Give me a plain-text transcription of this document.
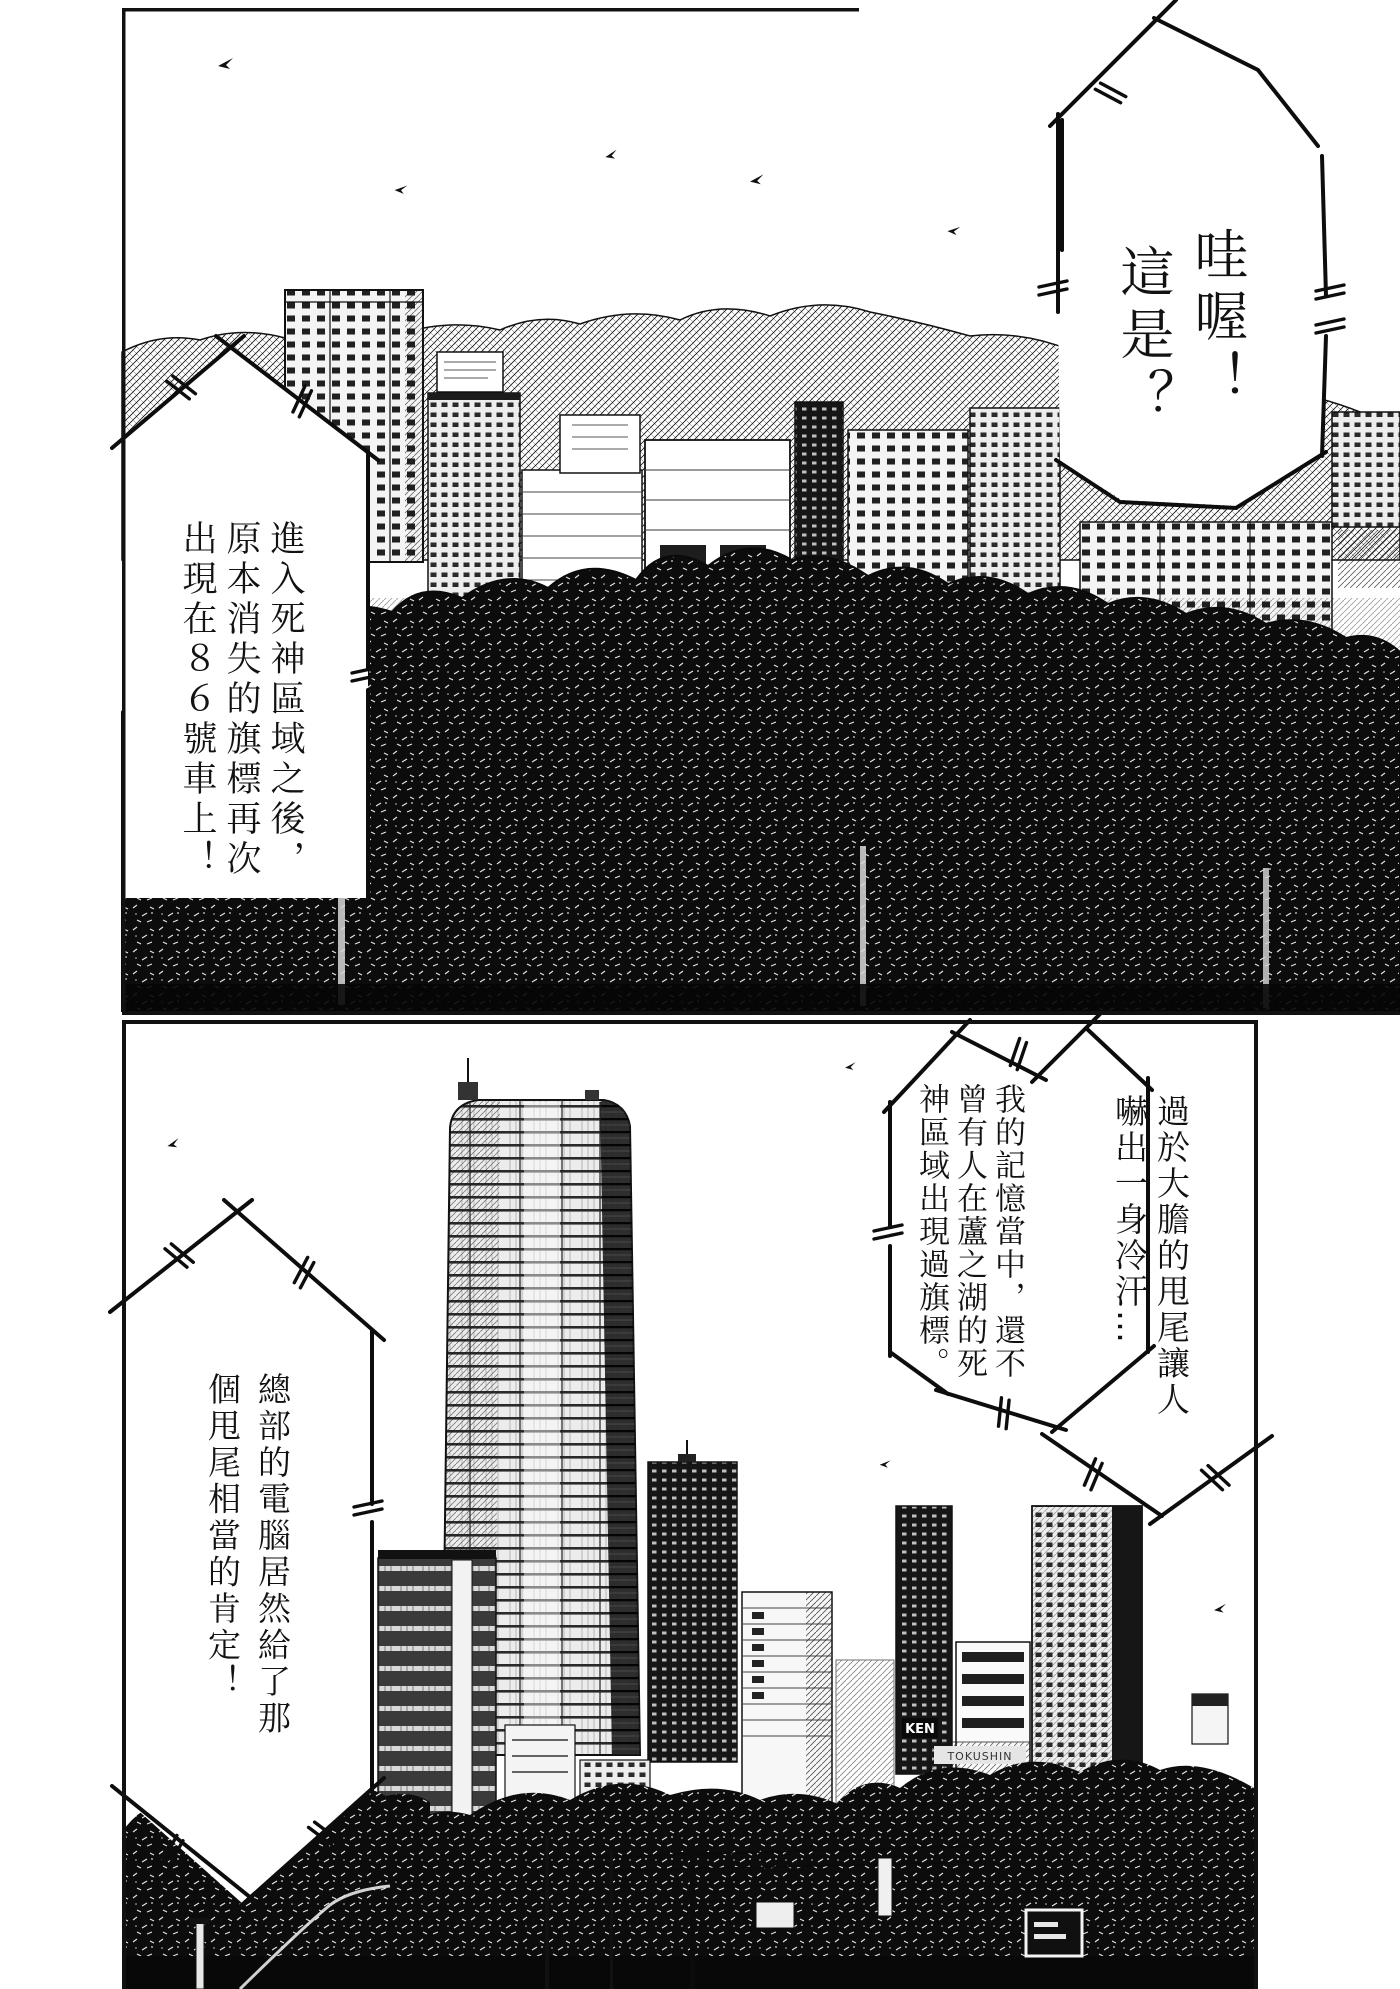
KEN
TOKUSHIN
哇喔！
這是？
進入死神區域之後，
原本消失的旗標再次
出現在８６號車上！
我的記憶當中，還不
曾有人在蘆之湖的死
神區域出現過旗標。	過於大膽的甩尾讓人
嚇出一身冷汗…
總部的電腦居然給了那
個甩尾相當的肯定！
